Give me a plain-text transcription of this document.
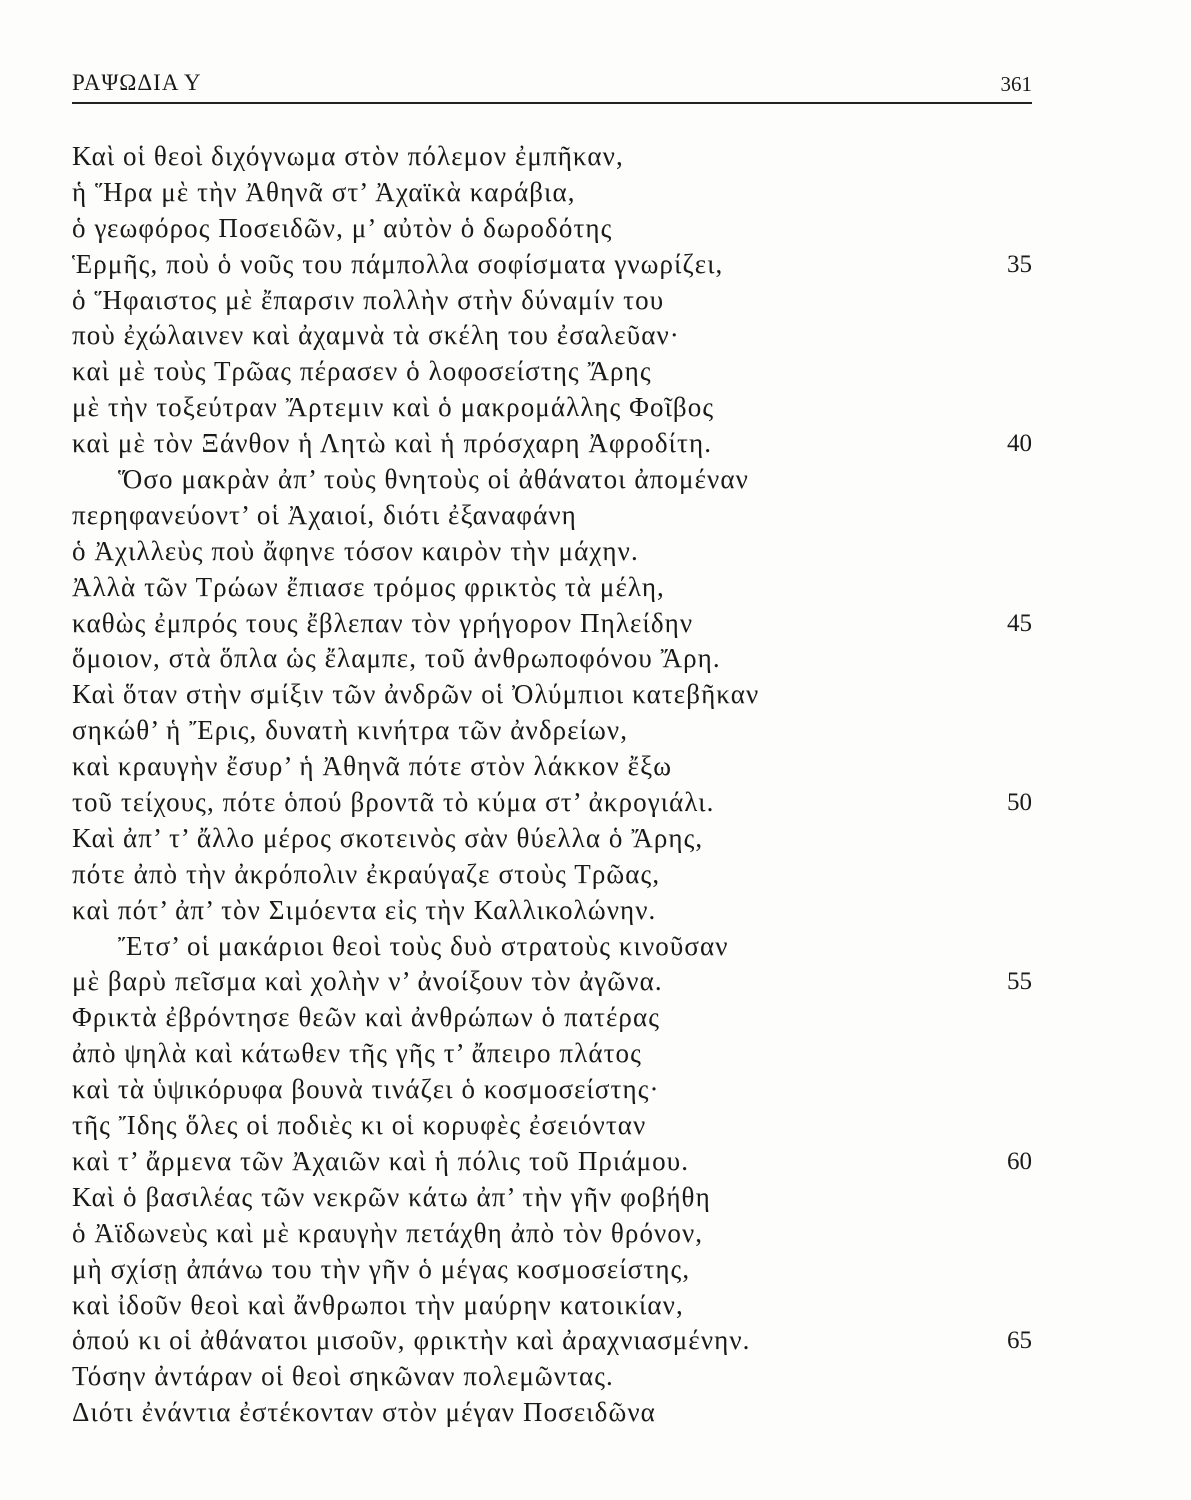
ΡΑΨΩΔΙΑ Υ	361
Καὶ οἱ θεοὶ διχόγνωμα στὸν πόλεμον ἐμπῆκαν,
ἡ Ἥρα μὲ τὴν Ἀθηνᾶ στ’ Ἀχαϊκὰ καράβια,
ὁ γεωφόρος Ποσειδῶν, μ’ αὐτὸν ὁ δωροδότης
Ἑρμῆς, ποὺ ὁ νοῦς του πάμπολλα σοφίσματα γνωρίζει,	35
ὁ Ἥφαιστος μὲ ἔπαρσιν πολλὴν στὴν δύναμίν του
ποὺ ἐχώλαινεν καὶ ἀχαμνὰ τὰ σκέλη του ἐσαλεῦαν·
καὶ μὲ τοὺς Τρῶας πέρασεν ὁ λοφοσείστης Ἄρης
μὲ τὴν τοξεύτραν Ἄρτεμιν καὶ ὁ μακρομάλλης Φοῖβος
καὶ μὲ τὸν Ξάνθον ἡ Λητὼ καὶ ἡ πρόσχαρη Ἀφροδίτη.	40
Ὅσο μακρὰν ἀπ’ τοὺς θνητοὺς οἱ ἀθάνατοι ἀπομέναν
περηφανεύοντ’ οἱ Ἀχαιοί, διότι ἐξαναφάνη
ὁ Ἀχιλλεὺς ποὺ ἄφηνε τόσον καιρὸν τὴν μάχην.
Ἀλλὰ τῶν Τρώων ἔπιασε τρόμος φρικτὸς τὰ μέλη,
καθὼς ἐμπρός τους ἔβλεπαν τὸν γρήγορον Πηλείδην	45
ὅμοιον, στὰ ὅπλα ὡς ἔλαμπε, τοῦ ἀνθρωποφόνου Ἄρη.
Καὶ ὅταν στὴν σμίξιν τῶν ἀνδρῶν οἱ Ὀλύμπιοι κατεβῆκαν
σηκώθ’ ἡ Ἔρις, δυνατὴ κινήτρα τῶν ἀνδρείων,
καὶ κραυγὴν ἔσυρ’ ἡ Ἀθηνᾶ πότε στὸν λάκκον ἔξω
τοῦ τείχους, πότε ὁπού βροντᾶ τὸ κύμα στ’ ἀκρογιάλι.	50
Καὶ ἀπ’ τ’ ἄλλο μέρος σκοτεινὸς σὰν θύελλα ὁ Ἄρης,
πότε ἀπὸ τὴν ἀκρόπολιν ἐκραύγαζε στοὺς Τρῶας,
καὶ πότ’ ἀπ’ τὸν Σιμόεντα εἰς τὴν Καλλικολώνην.
Ἔτσ’ οἱ μακάριοι θεοὶ τοὺς δυὸ στρατοὺς κινοῦσαν
μὲ βαρὺ πεῖσμα καὶ χολὴν ν’ ἀνοίξουν τὸν ἀγῶνα.	55
Φρικτὰ ἐβρόντησε θεῶν καὶ ἀνθρώπων ὁ πατέρας
ἀπὸ ψηλὰ καὶ κάτωθεν τῆς γῆς τ’ ἄπειρο πλάτος
καὶ τὰ ὑψικόρυφα βουνὰ τινάζει ὁ κοσμοσείστης·
τῆς Ἴδης ὅλες οἱ ποδιὲς κι οἱ κορυφὲς ἐσειόνταν
καὶ τ’ ἄρμενα τῶν Ἀχαιῶν καὶ ἡ πόλις τοῦ Πριάμου.	60
Καὶ ὁ βασιλέας τῶν νεκρῶν κάτω ἀπ’ τὴν γῆν φοβήθη
ὁ Ἀϊδωνεὺς καὶ μὲ κραυγὴν πετάχθη ἀπὸ τὸν θρόνον,
μὴ σχίσῃ ἀπάνω του τὴν γῆν ὁ μέγας κοσμοσείστης,
καὶ ἰδοῦν θεοὶ καὶ ἄνθρωποι τὴν μαύρην κατοικίαν,
ὁπού κι οἱ ἀθάνατοι μισοῦν, φρικτὴν καὶ ἀραχνιασμένην.	65
Τόσην ἀντάραν οἱ θεοὶ σηκῶναν πολεμῶντας.
Διότι ἐνάντια ἐστέκονταν στὸν μέγαν Ποσειδῶνα
